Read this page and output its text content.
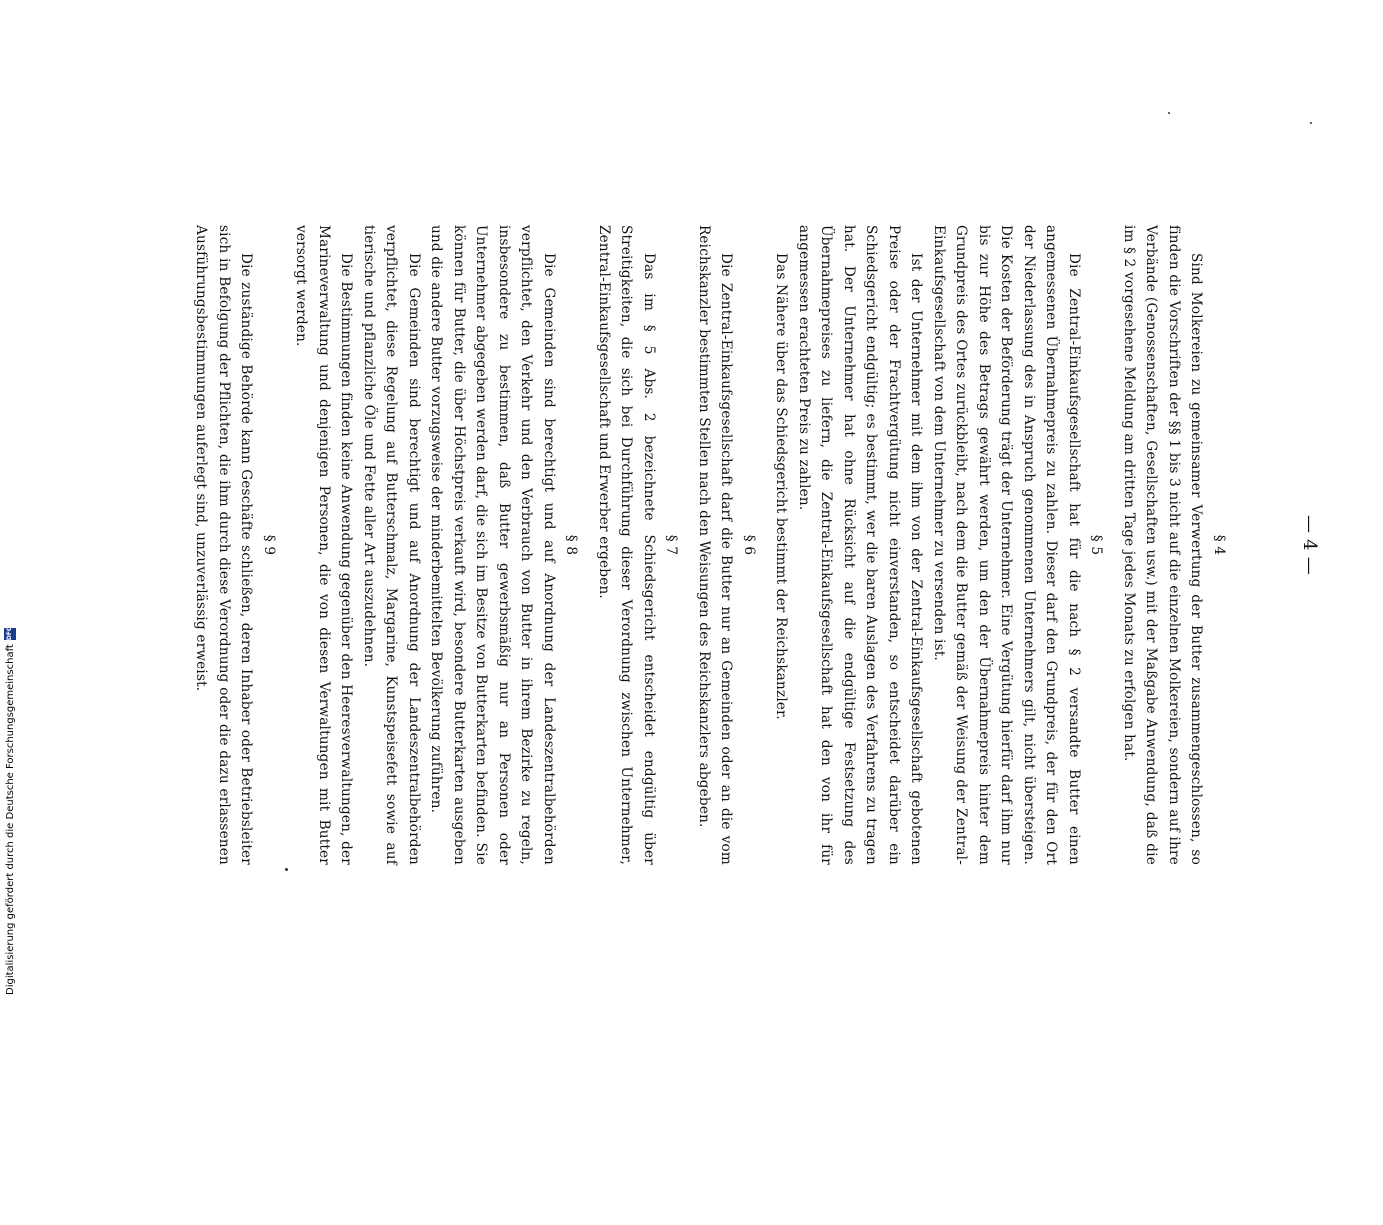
— 4 —
§ 4

Sind Molkereien zu gemeinsamer Verwertung der Butter zusammengeschlossen, so finden die Vorschriften der §§ 1 bis 3 nicht auf die einzelnen Molkereien, sondern auf ihre Verbände (Genossenschaften, Gesellschaften usw.) mit der Maßgabe Anwendung, daß die im § 2 vorgesehene Meldung am dritten Tage jedes Monats zu erfolgen hat.

§ 5

Die Zentral-Einkaufsgesellschaft hat für die nach § 2 versandte Butter einen angemessenen Übernahmepreis zu zahlen. Dieser darf den Grundpreis, der für den Ort der Niederlassung des in Anspruch genommenen Unternehmers gilt, nicht übersteigen. Die Kosten der Beförderung trägt der Unternehmer. Eine Vergütung hierfür darf ihm nur bis zur Höhe des Betrags gewährt werden, um den der Übernahmepreis hinter dem Grundpreis des Ortes zurückbleibt, nach dem die Butter gemäß der Weisung der Zentral-Einkaufsgesellschaft von dem Unternehmer zu versenden ist.

Ist der Unternehmer mit dem ihm von der Zentral-Einkaufsgesellschaft gebotenen Preise oder der Frachtvergütung nicht einverstanden, so entscheidet darüber ein Schiedsgericht endgültig; es bestimmt, wer die baren Auslagen des Verfahrens zu tragen hat. Der Unternehmer hat ohne Rücksicht auf die endgültige Festsetzung des Übernahmepreises zu liefern, die Zentral-Einkaufsgesellschaft hat den von ihr für angemessen erachteten Preis zu zahlen.

Das Nähere über das Schiedsgericht bestimmt der Reichskanzler.

§ 6

Die Zentral-Einkaufsgesellschaft darf die Butter nur an Gemeinden oder an die vom Reichskanzler bestimmten Stellen nach den Weisungen des Reichskanzlers abgeben.

§ 7

Das im § 5 Abs. 2 bezeichnete Schiedsgericht entscheidet endgültig über Streitigkeiten, die sich bei Durchführung dieser Verordnung zwischen Unternehmer, Zentral-Einkaufsgesellschaft und Erwerber ergeben.

§ 8

Die Gemeinden sind berechtigt und auf Anordnung der Landeszentralbehörden verpflichtet, den Verkehr und den Verbrauch von Butter in ihrem Bezirke zu regeln, insbesondere zu bestimmen, daß Butter gewerbsmäßig nur an Personen oder Unternehmer abgegeben werden darf, die sich im Besitze von Butterkarten befinden. Sie können für Butter, die über Höchstpreis verkauft wird, besondere Butterkarten ausgeben und die andere Butter vorzugsweise der minderbemittelten Bevölkerung zuführen.

Die Gemeinden sind berechtigt und auf Anordnung der Landeszentralbehörden verpflichtet, diese Regelung auf Butterschmalz, Margarine, Kunstspeisefett sowie auf tierische und pflanzliche Öle und Fette aller Art auszudehnen.

Die Bestimmungen finden keine Anwendung gegenüber den Heeresverwaltungen, der Marineverwaltung und denjenigen Personen, die von diesen Verwaltungen mit Butter versorgt werden.

§ 9

Die zuständige Behörde kann Geschäfte schließen, deren Inhaber oder Betriebsleiter sich in Befolgung der Pflichten, die ihm durch diese Verordnung oder die dazu erlassenen Ausführungsbestimmungen auferlegt sind, unzuverlässig erweist.

Digitalisierung gefördert durch die Deutsche Forschungsgemeinschaft
DFG
